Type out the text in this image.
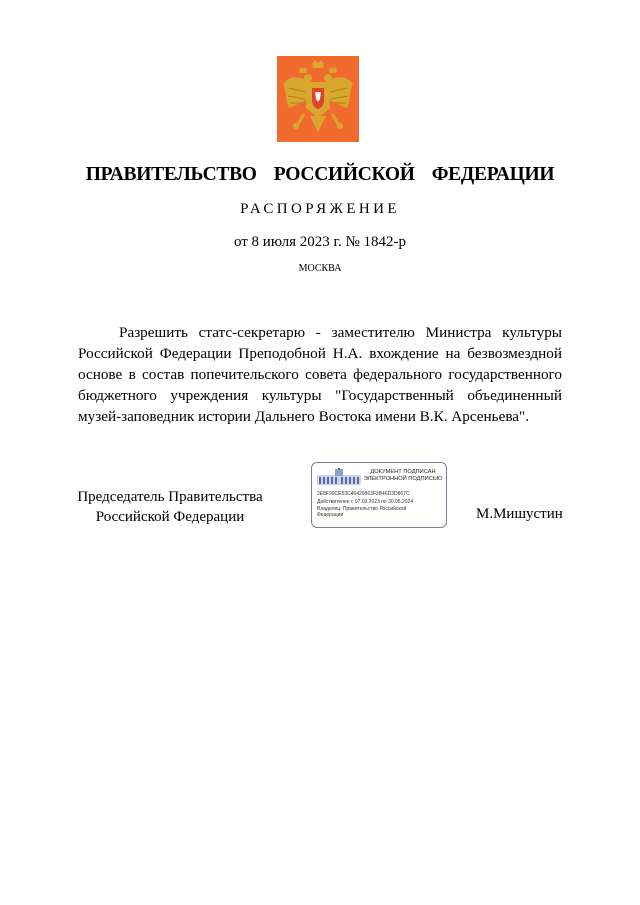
ПРАВИТЕЛЬСТВО  РОССИЙСКОЙ  ФЕДЕРАЦИИ
РАСПОРЯЖЕНИЕ
от 8 июля 2023 г. № 1842-р
МОСКВА

Разрешить статс-секретарю - заместителю Министра культуры Российской Федерации Преподобной Н.А. вхождение на безвозмездной основе в состав попечительского совета федерального государственного бюджетного учреждения культуры "Государственный объединенный музей-заповедник истории Дальнего Востока имени В.К. Арсеньева".

Председатель Правительства
Российской Федерации
ДОКУМЕНТ ПОДПИСАН
ЭЛЕКТРОННОЙ ПОДПИСЬЮ
2E8F99CE53C46426863F3B46D3D867C
Действителен с 07.03.2023 по 30.05.2024
Владелец: Правительство Российской
Федерации	М.Мишустин
